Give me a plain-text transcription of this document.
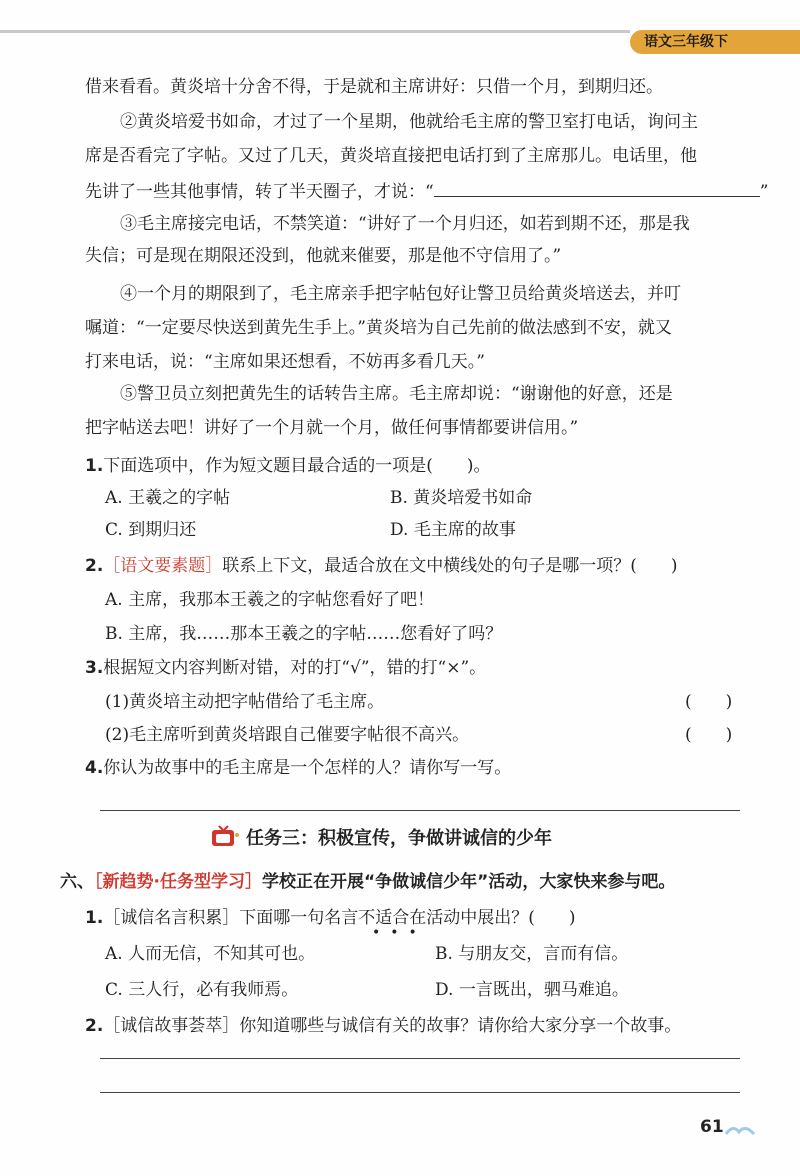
语文三年级下
借来看看。黄炎培十分舍不得，于是就和主席讲好：只借一个月，到期归还。
②黄炎培爱书如命，才过了一个星期，他就给毛主席的警卫室打电话，询问主
席是否看完了字帖。又过了几天，黄炎培直接把电话打到了主席那儿。电话里，他
先讲了一些其他事情，转了半天圈子，才说：“	”
③毛主席接完电话，不禁笑道：“讲好了一个月归还，如若到期不还，那是我
失信；可是现在期限还没到，他就来催要，那是他不守信用了。”
④一个月的期限到了，毛主席亲手把字帖包好让警卫员给黄炎培送去，并叮
嘱道：“一定要尽快送到黄先生手上。”黄炎培为自己先前的做法感到不安，就又
打来电话，说：“主席如果还想看，不妨再多看几天。”
⑤警卫员立刻把黄先生的话转告主席。毛主席却说：“谢谢他的好意，还是
把字帖送去吧！讲好了一个月就一个月，做任何事情都要讲信用。”
1.下面选项中，作为短文题目最合适的一项是(　　)。
A. 王羲之的字帖	B. 黄炎培爱书如命
C. 到期归还	D. 毛主席的故事
2.［语文要素题］联系上下文，最适合放在文中横线处的句子是哪一项？(　　)
A. 主席，我那本王羲之的字帖您看好了吧！
B. 主席，我……那本王羲之的字帖……您看好了吗？
3.根据短文内容判断对错，对的打“√”，错的打“×”。
(1)黄炎培主动把字帖借给了毛主席。	(　　)
(2)毛主席听到黄炎培跟自己催要字帖很不高兴。	(　　)
4.你认为故事中的毛主席是一个怎样的人？请你写一写。
任务三：积极宣传，争做讲诚信的少年
六、［新趋势·任务型学习］学校正在开展“争做诚信少年”活动，大家快来参与吧。
1.［诚信名言积累］下面哪一句名言不适合在活动中展出？(　　)
•••
A. 人而无信，不知其可也。	B. 与朋友交，言而有信。
C. 三人行，必有我师焉。	D. 一言既出，驷马难追。
2.［诚信故事荟萃］你知道哪些与诚信有关的故事？请你给大家分享一个故事。
61
